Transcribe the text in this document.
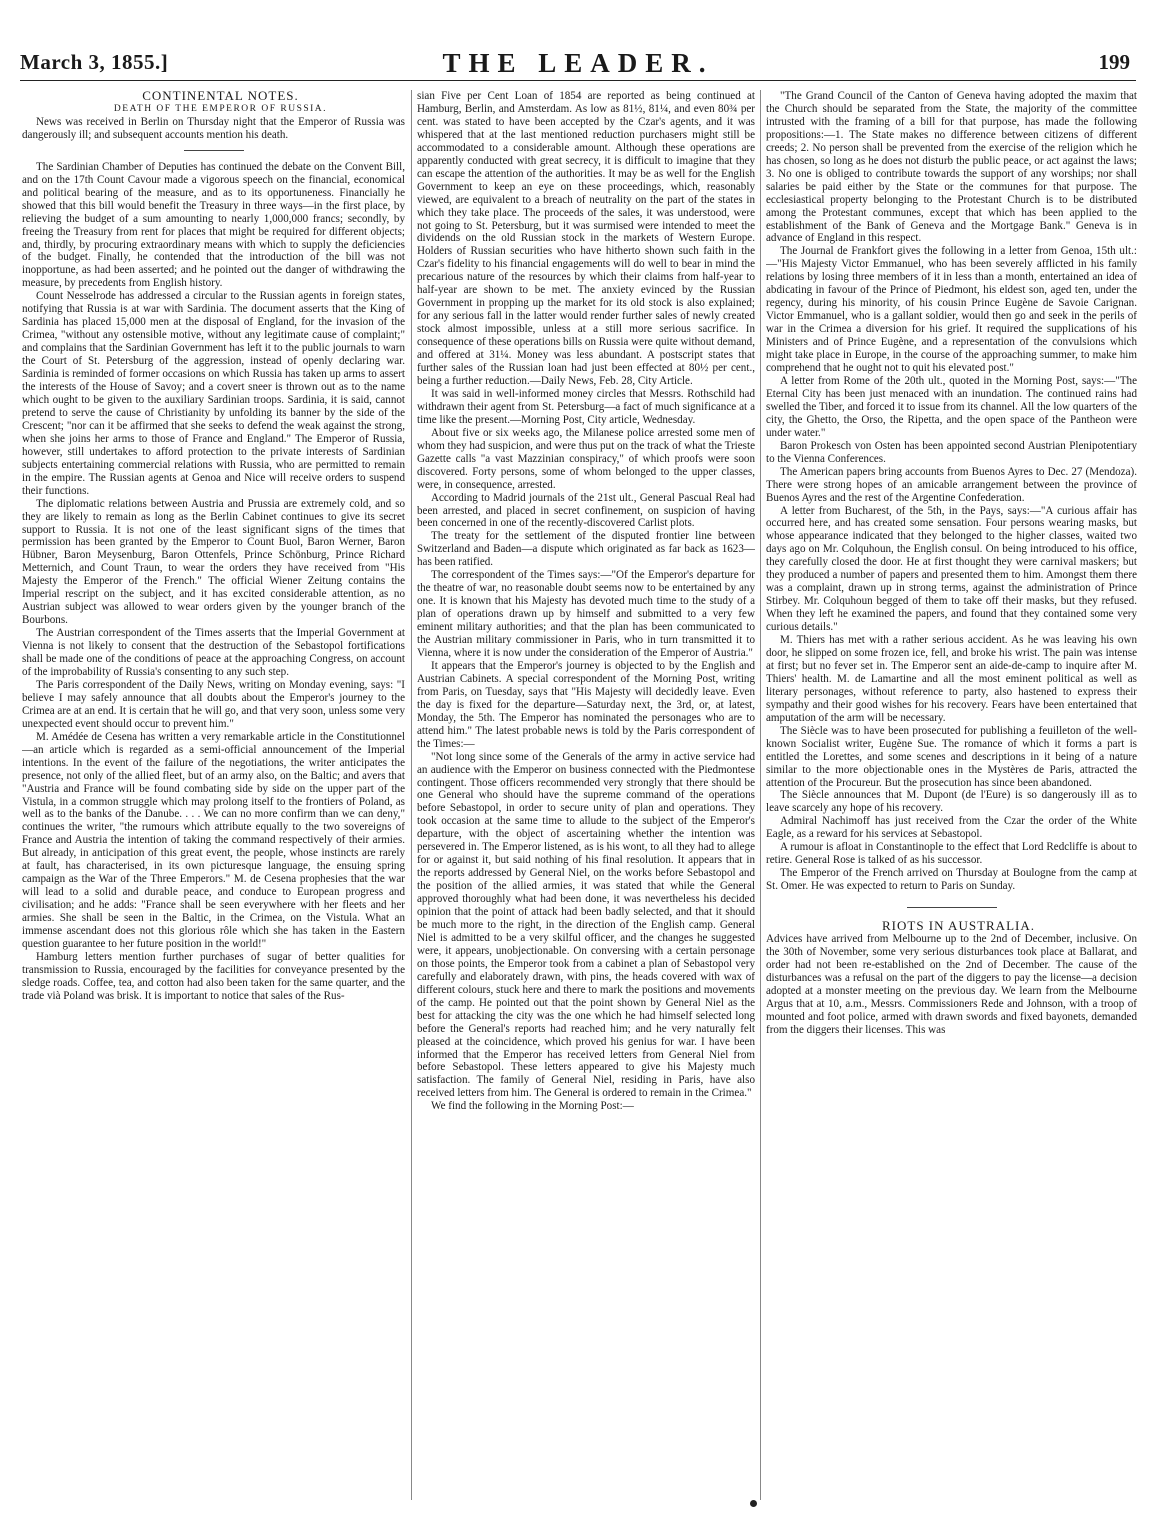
March 3, 1855.]	THE LEADER.	199

CONTINENTAL NOTES.

DEATH OF THE EMPEROR OF RUSSIA.

News was received in Berlin on Thursday night that the Emperor of Russia was dangerously ill; and subsequent accounts mention his death.

The Sardinian Chamber of Deputies has continued the debate on the Convent Bill, and on the 17th Count Cavour made a vigorous speech on the financial, economical and political bearing of the measure, and as to its opportuneness. Financially he showed that this bill would benefit the Treasury in three ways—in the first place, by relieving the budget of a sum amounting to nearly 1,000,000 francs; secondly, by freeing the Treasury from rent for places that might be required for different objects; and, thirdly, by procuring extraordinary means with which to supply the deficiencies of the budget. Finally, he contended that the introduction of the bill was not inopportune, as had been asserted; and he pointed out the danger of withdrawing the measure, by precedents from English history.

Count Nesselrode has addressed a circular to the Russian agents in foreign states, notifying that Russia is at war with Sardinia. The document asserts that the King of Sardinia has placed 15,000 men at the disposal of England, for the invasion of the Crimea, "without any ostensible motive, without any legitimate cause of complaint;" and complains that the Sardinian Government has left it to the public journals to warn the Court of St. Petersburg of the aggression, instead of openly declaring war. Sardinia is reminded of former occasions on which Russia has taken up arms to assert the interests of the House of Savoy; and a covert sneer is thrown out as to the name which ought to be given to the auxiliary Sardinian troops. Sardinia, it is said, cannot pretend to serve the cause of Christianity by unfolding its banner by the side of the Crescent; "nor can it be affirmed that she seeks to defend the weak against the strong, when she joins her arms to those of France and England." The Emperor of Russia, however, still undertakes to afford protection to the private interests of Sardinian subjects entertaining commercial relations with Russia, who are permitted to remain in the empire. The Russian agents at Genoa and Nice will receive orders to suspend their functions.

The diplomatic relations between Austria and Prussia are extremely cold, and so they are likely to remain as long as the Berlin Cabinet continues to give its secret support to Russia. It is not one of the least significant signs of the times that permission has been granted by the Emperor to Count Buol, Baron Werner, Baron Hübner, Baron Meysenburg, Baron Ottenfels, Prince Schönburg, Prince Richard Metternich, and Count Traun, to wear the orders they have received from "His Majesty the Emperor of the French." The official Wiener Zeitung contains the Imperial rescript on the subject, and it has excited considerable attention, as no Austrian subject was allowed to wear orders given by the younger branch of the Bourbons.

The Austrian correspondent of the Times asserts that the Imperial Government at Vienna is not likely to consent that the destruction of the Sebastopol fortifications shall be made one of the conditions of peace at the approaching Congress, on account of the improbability of Russia's consenting to any such step.

The Paris correspondent of the Daily News, writing on Monday evening, says: "I believe I may safely announce that all doubts about the Emperor's journey to the Crimea are at an end. It is certain that he will go, and that very soon, unless some very unexpected event should occur to prevent him."

M. Amédée de Cesena has written a very remarkable article in the Constitutionnel—an article which is regarded as a semi-official announcement of the Imperial intentions. In the event of the failure of the negotiations, the writer anticipates the presence, not only of the allied fleet, but of an army also, on the Baltic; and avers that "Austria and France will be found combating side by side on the upper part of the Vistula, in a common struggle which may prolong itself to the frontiers of Poland, as well as to the banks of the Danube. . . . We can no more confirm than we can deny," continues the writer, "the rumours which attribute equally to the two sovereigns of France and Austria the intention of taking the command respectively of their armies. But already, in anticipation of this great event, the people, whose instincts are rarely at fault, has characterised, in its own picturesque language, the ensuing spring campaign as the War of the Three Emperors." M. de Cesena prophesies that the war will lead to a solid and durable peace, and conduce to European progress and civilisation; and he adds: "France shall be seen everywhere with her fleets and her armies. She shall be seen in the Baltic, in the Crimea, on the Vistula. What an immense ascendant does not this glorious rôle which she has taken in the Eastern question guarantee to her future position in the world!"

Hamburg letters mention further purchases of sugar of better qualities for transmission to Russia, encouraged by the facilities for conveyance presented by the sledge roads. Coffee, tea, and cotton had also been taken for the same quarter, and the trade vià Poland was brisk. It is important to notice that sales of the Rus-

sian Five per Cent Loan of 1854 are reported as being continued at Hamburg, Berlin, and Amsterdam. As low as 81½, 81¼, and even 80¾ per cent. was stated to have been accepted by the Czar's agents, and it was whispered that at the last mentioned reduction purchasers might still be accommodated to a considerable amount. Although these operations are apparently conducted with great secrecy, it is difficult to imagine that they can escape the attention of the authorities. It may be as well for the English Government to keep an eye on these proceedings, which, reasonably viewed, are equivalent to a breach of neutrality on the part of the states in which they take place. The proceeds of the sales, it was understood, were not going to St. Petersburg, but it was surmised were intended to meet the dividends on the old Russian stock in the markets of Western Europe. Holders of Russian securities who have hitherto shown such faith in the Czar's fidelity to his financial engagements will do well to bear in mind the precarious nature of the resources by which their claims from half-year to half-year are shown to be met. The anxiety evinced by the Russian Government in propping up the market for its old stock is also explained; for any serious fall in the latter would render further sales of newly created stock almost impossible, unless at a still more serious sacrifice. In consequence of these operations bills on Russia were quite without demand, and offered at 31¼. Money was less abundant. A postscript states that further sales of the Russian loan had just been effected at 80½ per cent., being a further reduction.—Daily News, Feb. 28, City Article.

It was said in well-informed money circles that Messrs. Rothschild had withdrawn their agent from St. Petersburg—a fact of much significance at a time like the present.—Morning Post, City article, Wednesday.

About five or six weeks ago, the Milanese police arrested some men of whom they had suspicion, and were thus put on the track of what the Trieste Gazette calls "a vast Mazzinian conspiracy," of which proofs were soon discovered. Forty persons, some of whom belonged to the upper classes, were, in consequence, arrested.

According to Madrid journals of the 21st ult., General Pascual Real had been arrested, and placed in secret confinement, on suspicion of having been concerned in one of the recently-discovered Carlist plots.

The treaty for the settlement of the disputed frontier line between Switzerland and Baden—a dispute which originated as far back as 1623—has been ratified.

The correspondent of the Times says:—"Of the Emperor's departure for the theatre of war, no reasonable doubt seems now to be entertained by any one. It is known that his Majesty has devoted much time to the study of a plan of operations drawn up by himself and submitted to a very few eminent military authorities; and that the plan has been communicated to the Austrian military commissioner in Paris, who in turn transmitted it to Vienna, where it is now under the consideration of the Emperor of Austria."

It appears that the Emperor's journey is objected to by the English and Austrian Cabinets. A special correspondent of the Morning Post, writing from Paris, on Tuesday, says that "His Majesty will decidedly leave. Even the day is fixed for the departure—Saturday next, the 3rd, or, at latest, Monday, the 5th. The Emperor has nominated the personages who are to attend him." The latest probable news is told by the Paris correspondent of the Times:—

"Not long since some of the Generals of the army in active service had an audience with the Emperor on business connected with the Piedmontese contingent. Those officers recommended very strongly that there should be one General who should have the supreme command of the operations before Sebastopol, in order to secure unity of plan and operations. They took occasion at the same time to allude to the subject of the Emperor's departure, with the object of ascertaining whether the intention was persevered in. The Emperor listened, as is his wont, to all they had to allege for or against it, but said nothing of his final resolution. It appears that in the reports addressed by General Niel, on the works before Sebastopol and the position of the allied armies, it was stated that while the General approved thoroughly what had been done, it was nevertheless his decided opinion that the point of attack had been badly selected, and that it should be much more to the right, in the direction of the English camp. General Niel is admitted to be a very skilful officer, and the changes he suggested were, it appears, unobjectionable. On conversing with a certain personage on those points, the Emperor took from a cabinet a plan of Sebastopol very carefully and elaborately drawn, with pins, the heads covered with wax of different colours, stuck here and there to mark the positions and movements of the camp. He pointed out that the point shown by General Niel as the best for attacking the city was the one which he had himself selected long before the General's reports had reached him; and he very naturally felt pleased at the coincidence, which proved his genius for war. I have been informed that the Emperor has received letters from General Niel from before Sebastopol. These letters appeared to give his Majesty much satisfaction. The family of General Niel, residing in Paris, have also received letters from him. The General is ordered to remain in the Crimea."

We find the following in the Morning Post:—

"The Grand Council of the Canton of Geneva having adopted the maxim that the Church should be separated from the State, the majority of the committee intrusted with the framing of a bill for that purpose, has made the following propositions:—1. The State makes no difference between citizens of different creeds; 2. No person shall be prevented from the exercise of the religion which he has chosen, so long as he does not disturb the public peace, or act against the laws; 3. No one is obliged to contribute towards the support of any worships; nor shall salaries be paid either by the State or the communes for that purpose. The ecclesiastical property belonging to the Protestant Church is to be distributed among the Protestant communes, except that which has been applied to the establishment of the Bank of Geneva and the Mortgage Bank." Geneva is in advance of England in this respect.

The Journal de Frankfort gives the following in a letter from Genoa, 15th ult.:—"His Majesty Victor Emmanuel, who has been severely afflicted in his family relations by losing three members of it in less than a month, entertained an idea of abdicating in favour of the Prince of Piedmont, his eldest son, aged ten, under the regency, during his minority, of his cousin Prince Eugène de Savoie Carignan. Victor Emmanuel, who is a gallant soldier, would then go and seek in the perils of war in the Crimea a diversion for his grief. It required the supplications of his Ministers and of Prince Eugène, and a representation of the convulsions which might take place in Europe, in the course of the approaching summer, to make him comprehend that he ought not to quit his elevated post."

A letter from Rome of the 20th ult., quoted in the Morning Post, says:—"The Eternal City has been just menaced with an inundation. The continued rains had swelled the Tiber, and forced it to issue from its channel. All the low quarters of the city, the Ghetto, the Orso, the Ripetta, and the open space of the Pantheon were under water."

Baron Prokesch von Osten has been appointed second Austrian Plenipotentiary to the Vienna Conferences.

The American papers bring accounts from Buenos Ayres to Dec. 27 (Mendoza). There were strong hopes of an amicable arrangement between the province of Buenos Ayres and the rest of the Argentine Confederation.

A letter from Bucharest, of the 5th, in the Pays, says:—"A curious affair has occurred here, and has created some sensation. Four persons wearing masks, but whose appearance indicated that they belonged to the higher classes, waited two days ago on Mr. Colquhoun, the English consul. On being introduced to his office, they carefully closed the door. He at first thought they were carnival maskers; but they produced a number of papers and presented them to him. Amongst them there was a complaint, drawn up in strong terms, against the administration of Prince Stirbey. Mr. Colquhoun begged of them to take off their masks, but they refused. When they left he examined the papers, and found that they contained some very curious details."

M. Thiers has met with a rather serious accident. As he was leaving his own door, he slipped on some frozen ice, fell, and broke his wrist. The pain was intense at first; but no fever set in. The Emperor sent an aide-de-camp to inquire after M. Thiers' health. M. de Lamartine and all the most eminent political as well as literary personages, without reference to party, also hastened to express their sympathy and their good wishes for his recovery. Fears have been entertained that amputation of the arm will be necessary.

The Siècle was to have been prosecuted for publishing a feuilleton of the well-known Socialist writer, Eugène Sue. The romance of which it forms a part is entitled the Lorettes, and some scenes and descriptions in it being of a nature similar to the more objectionable ones in the Mystères de Paris, attracted the attention of the Procureur. But the prosecution has since been abandoned.

The Siècle announces that M. Dupont (de l'Eure) is so dangerously ill as to leave scarcely any hope of his recovery.

Admiral Nachimoff has just received from the Czar the order of the White Eagle, as a reward for his services at Sebastopol.

A rumour is afloat in Constantinople to the effect that Lord Redcliffe is about to retire. General Rose is talked of as his successor.

The Emperor of the French arrived on Thursday at Boulogne from the camp at St. Omer. He was expected to return to Paris on Sunday.

RIOTS IN AUSTRALIA.

Advices have arrived from Melbourne up to the 2nd of December, inclusive. On the 30th of November, some very serious disturbances took place at Ballarat, and order had not been re-established on the 2nd of December. The cause of the disturbances was a refusal on the part of the diggers to pay the license—a decision adopted at a monster meeting on the previous day. We learn from the Melbourne Argus that at 10, a.m., Messrs. Commissioners Rede and Johnson, with a troop of mounted and foot police, armed with drawn swords and fixed bayonets, demanded from the diggers their licenses. This was
